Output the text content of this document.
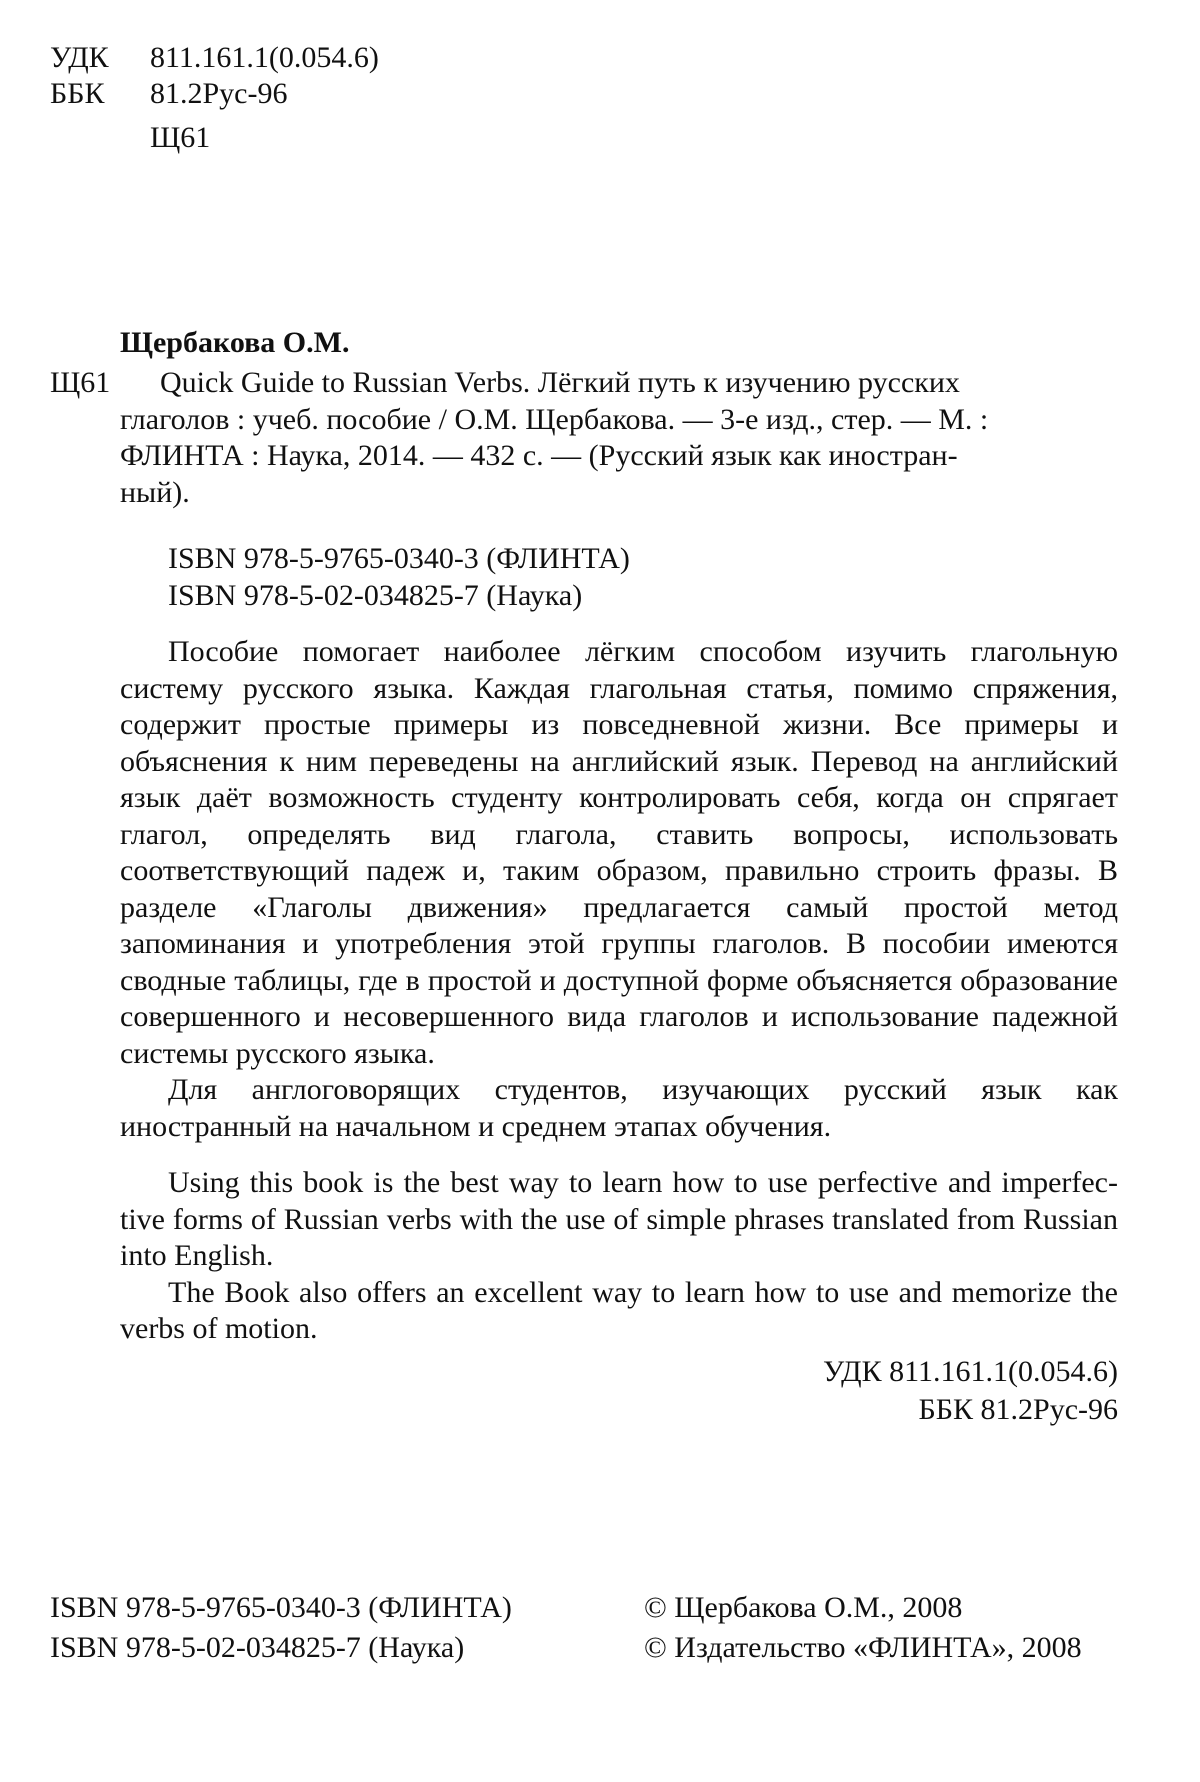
УДК 811.161.1(0.054.6)
ББК 81.2Рус-96
Щ61
Щербакова О.М.
Щ61 Quick Guide to Russian Verbs. Лёгкий путь к изучению русских
глаголов : учеб. пособие / О.М. Щербакова. — 3-е изд., стер. — М. :
ФЛИНТА : Наука, 2014. — 432 с. — (Русский язык как иностран-
ный).
ISBN 978-5-9765-0340-3 (ФЛИНТА)
ISBN 978-5-02-034825-7 (Наука)

Пособие помогает наиболее лёгким способом изучить глагольную систему русского языка. Каждая глагольная статья, помимо спряжения, содержит простые примеры из повседневной жизни. Все примеры и объяснения к ним переведены на английский язык. Перевод на английский язык даёт возможность студенту контролировать себя, когда он спрягает глагол, определять вид глагола, ставить вопросы, использовать соответствующий падеж и, таким образом, правильно строить фразы. В разделе «Глаголы движения» предлагается самый простой метод запоминания и употребления этой группы глаголов. В пособии имеются сводные таблицы, где в простой и доступной форме объясняется образование совершенного и несовершенного вида глаголов и использование падежной системы русского языка.

Для англоговорящих студентов, изучающих русский язык как иностранный на начальном и среднем этапах обучения.

Using this book is the best way to learn how to use perfective and imperfec-tive forms of Russian verbs with the use of simple phrases translated from Russian into English.

The Book also offers an excellent way to learn how to use and memorize the verbs of motion.

УДК 811.161.1(0.054.6)
ББК 81.2Рус-96
ISBN 978-5-9765-0340-3 (ФЛИНТА)
ISBN 978-5-02-034825-7 (Наука)
© Щербакова О.М., 2008
© Издательство «ФЛИНТА», 2008
